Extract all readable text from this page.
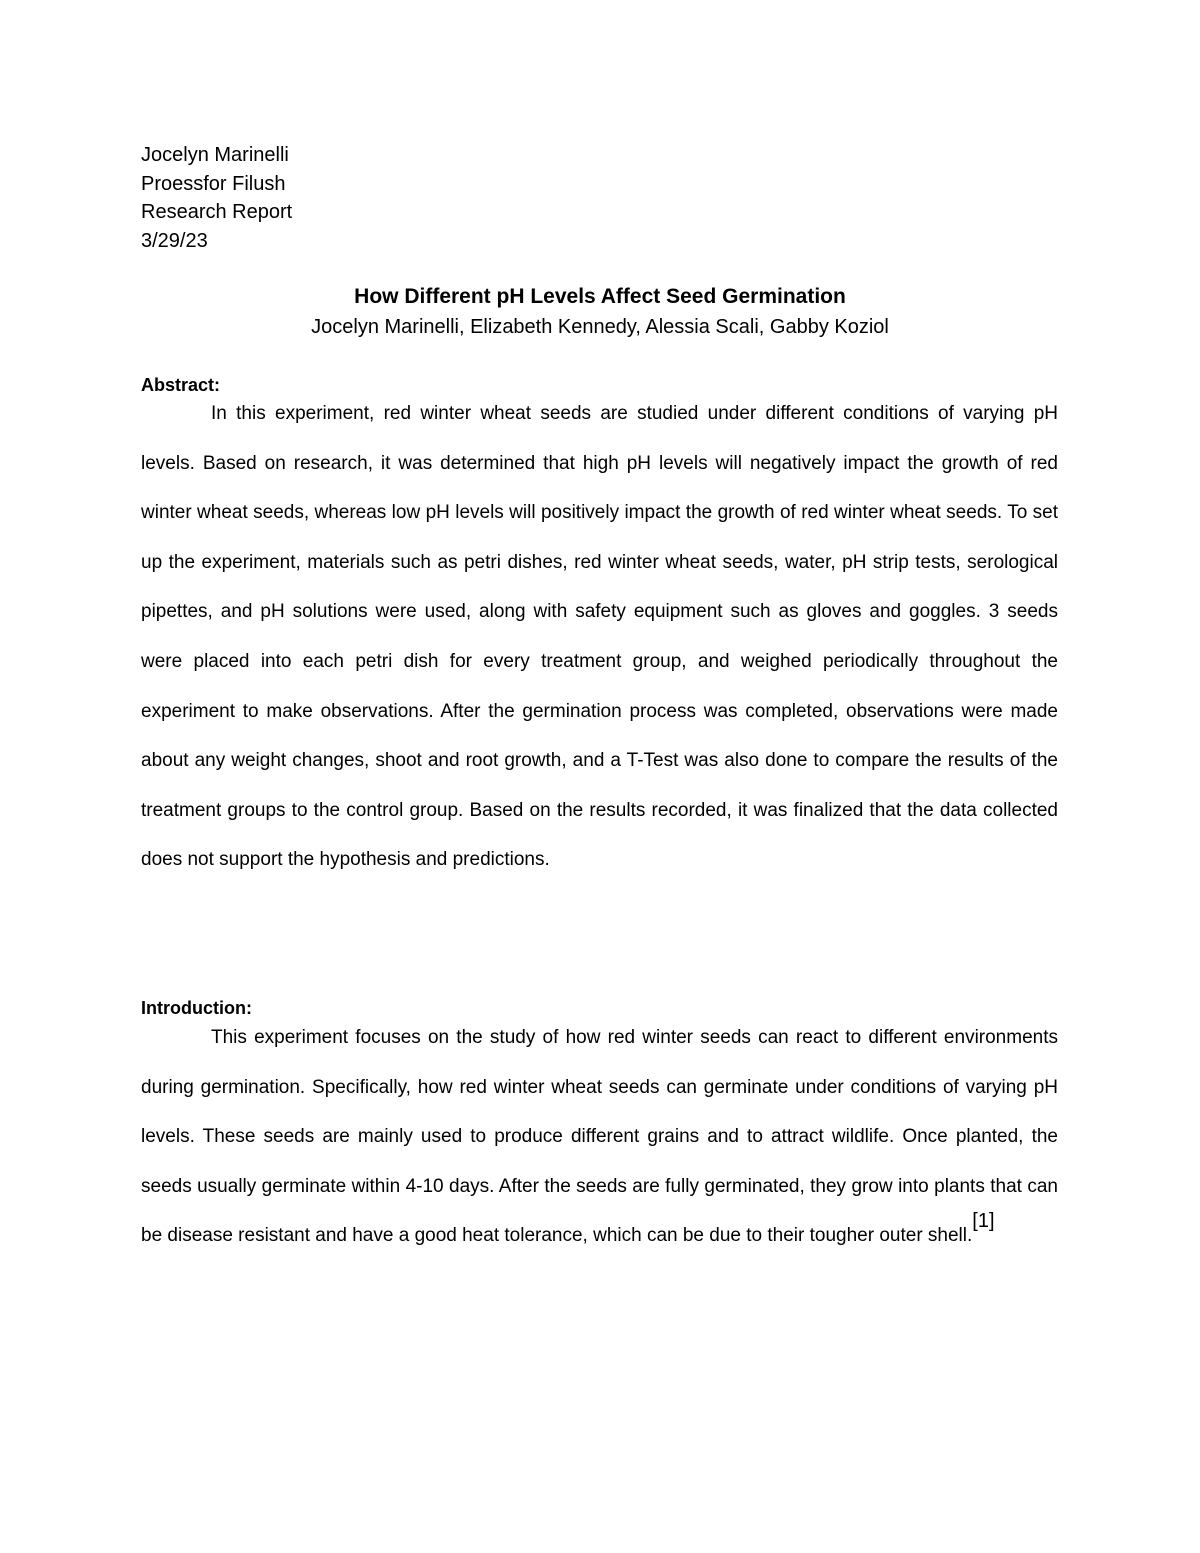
Jocelyn Marinelli
Proessfor Filush
Research Report
3/29/23
How Different pH Levels Affect Seed Germination
Jocelyn Marinelli, Elizabeth Kennedy, Alessia Scali, Gabby Koziol
Abstract:

In this experiment, red winter wheat seeds are studied under different conditions of varying pH levels. Based on research, it was determined that high pH levels will negatively impact the growth of red winter wheat seeds, whereas low pH levels will positively impact the growth of red winter wheat seeds. To set up the experiment, materials such as petri dishes, red winter wheat seeds, water, pH strip tests, serological pipettes, and pH solutions were used, along with safety equipment such as gloves and goggles. 3 seeds were placed into each petri dish for every treatment group, and weighed periodically throughout the experiment to make observations. After the germination process was completed, observations were made about any weight changes, shoot and root growth, and a T-Test was also done to compare the results of the treatment groups to the control group. Based on the results recorded, it was finalized that the data collected does not support the hypothesis and predictions.

Introduction:

This experiment focuses on the study of how red winter seeds can react to different environments during germination. Specifically, how red winter wheat seeds can germinate under conditions of varying pH levels. These seeds are mainly used to produce different grains and to attract wildlife. Once planted, the seeds usually germinate within 4-10 days. After the seeds are fully germinated, they grow into plants that can be disease resistant and have a good heat tolerance, which can be due to their tougher outer shell.[1]
